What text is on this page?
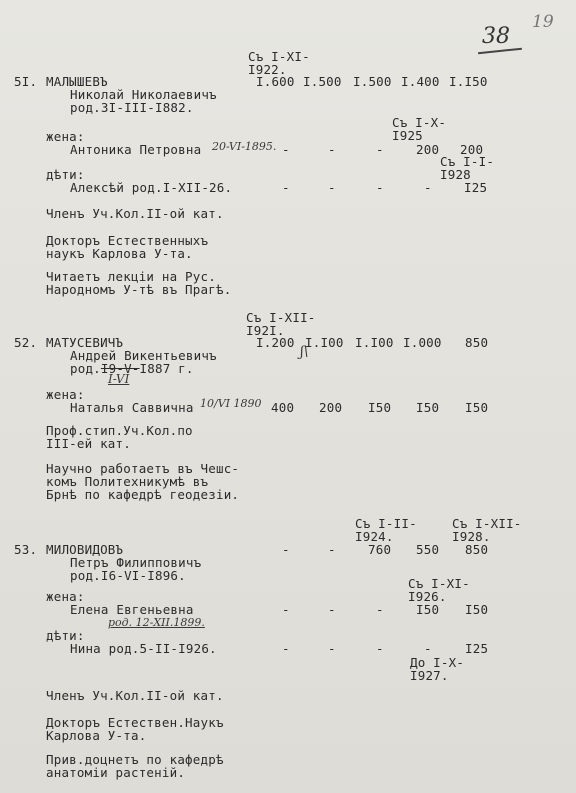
38
19
Съ I-XI-
I922.
5I. МАЛЫШЕВЪ	I.600 I.500 I.500 I.400 I.I50
Николай Николаевичъ
род.3I-III-I882.
Съ I-X-
I925
жена:
Антоника Петровна 20-VI-1895. -	-	-	200 200
Съ I-I-
I928
дѣти:
Алексѣй род.I-XII-26.	-	-	-	-	I25
Членъ Уч.Кол.II-ой кат.
Докторъ Естественныхъ
наукъ Карлова У-та.
Читаетъ лекціи на Рус.
Народномъ У-тѣ въ Прагѣ.
Съ I-XII-
I92I.
52. МАТУСЕВИЧЪ	I.200 I.I00 I.I00 I.000 850
ʃ\
Андрей Викентьевичъ
род.I9-V-I887 г.
I-VI
жена:
Наталья Саввична 10/VI 1890 400 200 I50 I50 I50
Проф.стип.Уч.Кол.по
III-ей кат.
Научно работаетъ въ Чешс-
комъ Политехникумѣ въ
Брнѣ по кафедрѣ геодезіи.
Съ I-II-
I924.
Съ I-XII-
I928.
53. МИЛОВИДОВЪ	-	-	760 550 850
Петръ Филипповичъ
род.I6-VI-I896.
Съ I-XI-
I926.
жена:
Елена Евгеньевна	-	-	-	I50 I50
род. 12-XII.1899.
дѣти:
Нина род.5-II-I926.	-	-	-	-	I25
До I-X-
I927.
Членъ Уч.Кол.II-ой кат.
Докторъ Естествен.Наукъ
Карлова У-та.
Прив.доцнетъ по кафедрѣ
анатоміи растеній.
